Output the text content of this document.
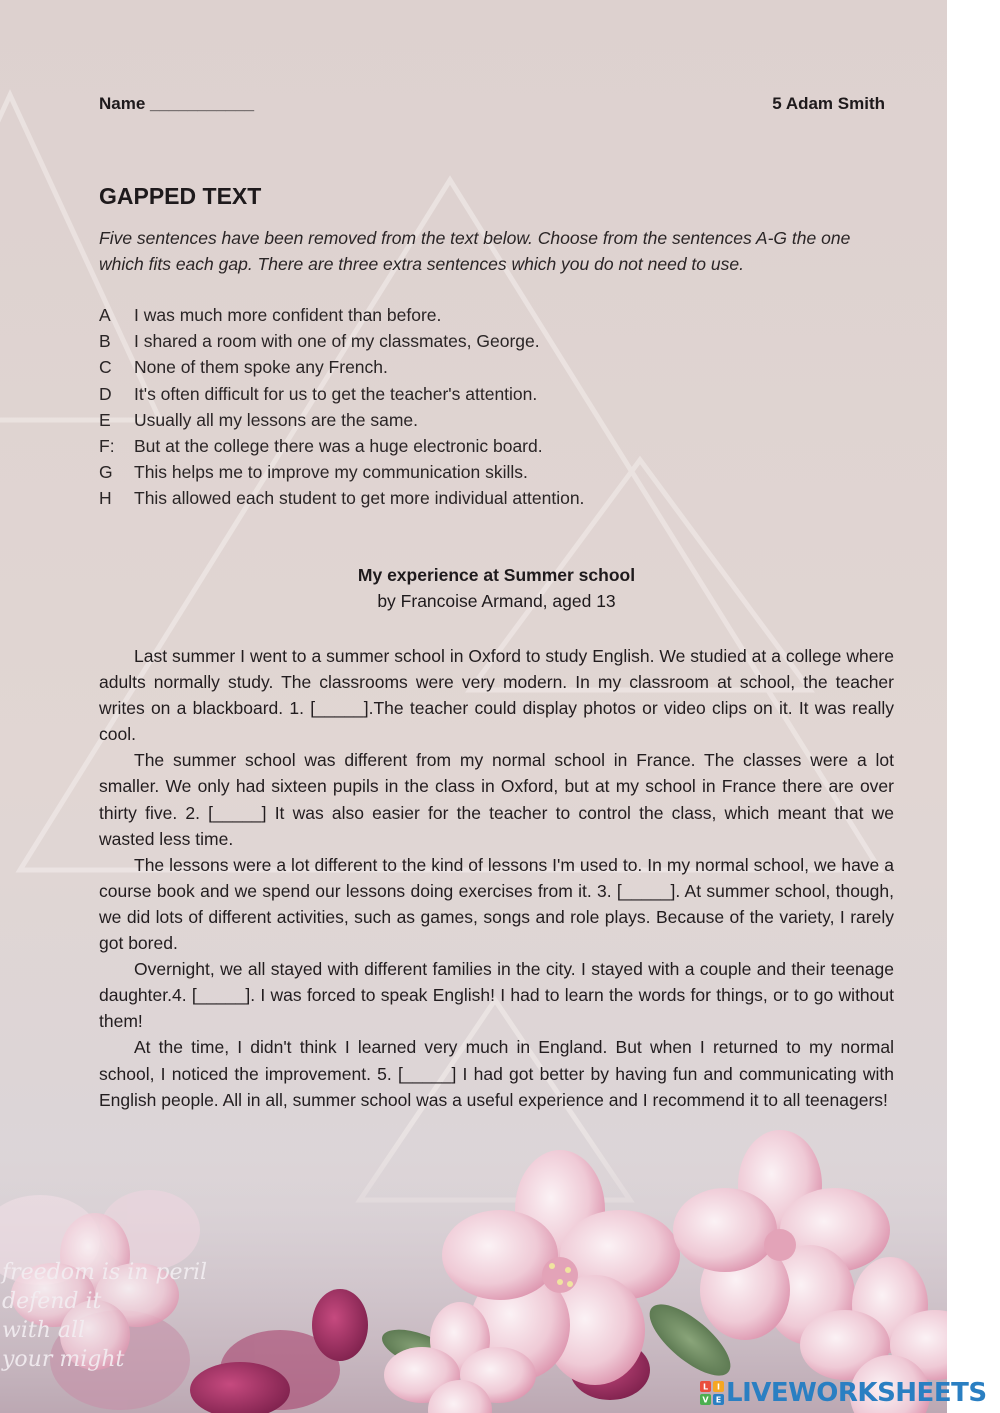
freedom is in peril
defend it
with all
your might
Name ___________	5 Adam Smith
GAPPED TEXT

Five sentences have been removed from the text below. Choose from the sentences A-G the one which fits each gap. There are three extra sentences which you do not need to use.

A I was much more confident than before.
B I shared a room with one of my classmates, George.
C None of them spoke any French.
D It's often difficult for us to get the teacher's attention.
E Usually all my lessons are the same.
F: But at the college there was a huge electronic board.
G This helps me to improve my communication skills.
H This allowed each student to get more individual attention.
My experience at Summer school

by Francoise Armand, aged 13

Last summer I went to a summer school in Oxford to study English. We studied at a college where adults normally study. The classrooms were very modern. In my classroom at school, the teacher writes on a blackboard. 1. [_____].The teacher could display photos or video clips on it. It was really cool.

The summer school was different from my normal school in France. The classes were a lot smaller. We only had sixteen pupils in the class in Oxford, but at my school in France there are over thirty five. 2. [_____] It was also easier for the teacher to control the class, which meant that we wasted less time.

The lessons were a lot different to the kind of lessons I'm used to. In my normal school, we have a course book and we spend our lessons doing exercises from it. 3. [_____]. At summer school, though, we did lots of different activities, such as games, songs and role plays. Because of the variety, I rarely got bored.

Overnight, we all stayed with different families in the city. I stayed with a couple and their teenage daughter.4. [_____]. I was forced to speak English! I had to learn the words for things, or to go without them!

At the time, I didn't think I learned very much in England. But when I returned to my normal school, I noticed the improvement. 5. [_____] I had got better by having fun and communicating with English people. All in all, summer school was a useful experience and I recommend it to all teenagers!

L I
V E LIVEWORKSHEETS
